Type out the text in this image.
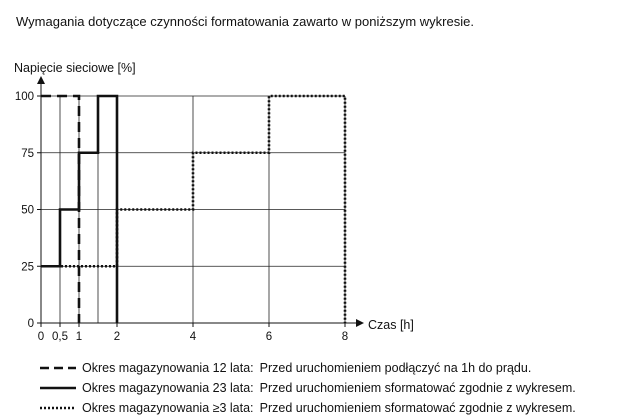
Wymagania dotyczące czynności formatowania zawarto w poniższym wykresie.
Napięcie sieciowe [%]
Czas [h]
0
25
50
75
100
0 0,5 1	2	4	6	8
	Okres magazynowania 12 lata:	Przed uruchomieniem podłączyć na 1h do prądu.

	Okres magazynowania 23 lata:	Przed uruchomieniem sformatować zgodnie z wykresem.

	Okres magazynowania ≥3 lata:	Przed uruchomieniem sformatować zgodnie z wykresem.
